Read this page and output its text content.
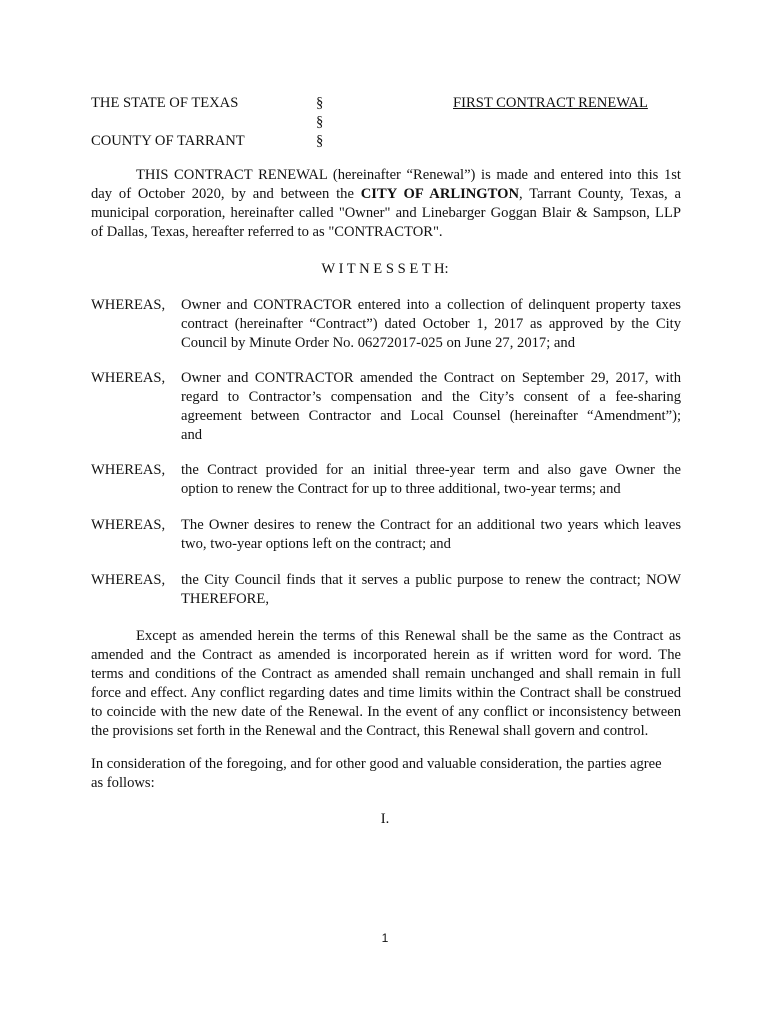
THE STATE OF TEXAS	§	FIRST CONTRACT RENEWAL
§
COUNTY OF TARRANT	§
THIS CONTRACT RENEWAL (hereinafter “Renewal”) is made and entered into this 1st
day of October 2020, by and between the CITY OF ARLINGTON, Tarrant County, Texas, a
municipal corporation, hereinafter called "Owner" and Linebarger Goggan Blair & Sampson, LLP
of Dallas, Texas, hereafter referred to as "CONTRACTOR".
W I T N E S S E T H:
WHEREAS, Owner and CONTRACTOR entered into a collection of delinquent property taxes
contract (hereinafter “Contract”) dated October 1, 2017 as approved by the City
Council by Minute Order No. 06272017-025 on June 27, 2017; and
WHEREAS, Owner and CONTRACTOR amended the Contract on September 29, 2017, with
regard to Contractor’s compensation and the City’s consent of a fee-sharing
agreement between Contractor and Local Counsel (hereinafter “Amendment”);
and
WHEREAS, the Contract provided for an initial three-year term and also gave Owner the
option to renew the Contract for up to three additional, two-year terms; and
WHEREAS, The Owner desires to renew the Contract for an additional two years which leaves
two, two-year options left on the contract; and
WHEREAS, the City Council finds that it serves a public purpose to renew the contract; NOW
THEREFORE,
Except as amended herein the terms of this Renewal shall be the same as the Contract as
amended and the Contract as amended is incorporated herein as if written word for word. The
terms and conditions of the Contract as amended shall remain unchanged and shall remain in full
force and effect. Any conflict regarding dates and time limits within the Contract shall be construed
to coincide with the new date of the Renewal. In the event of any conflict or inconsistency between
the provisions set forth in the Renewal and the Contract, this Renewal shall govern and control.
In consideration of the foregoing, and for other good and valuable consideration, the parties agree
as follows:
I.
1
